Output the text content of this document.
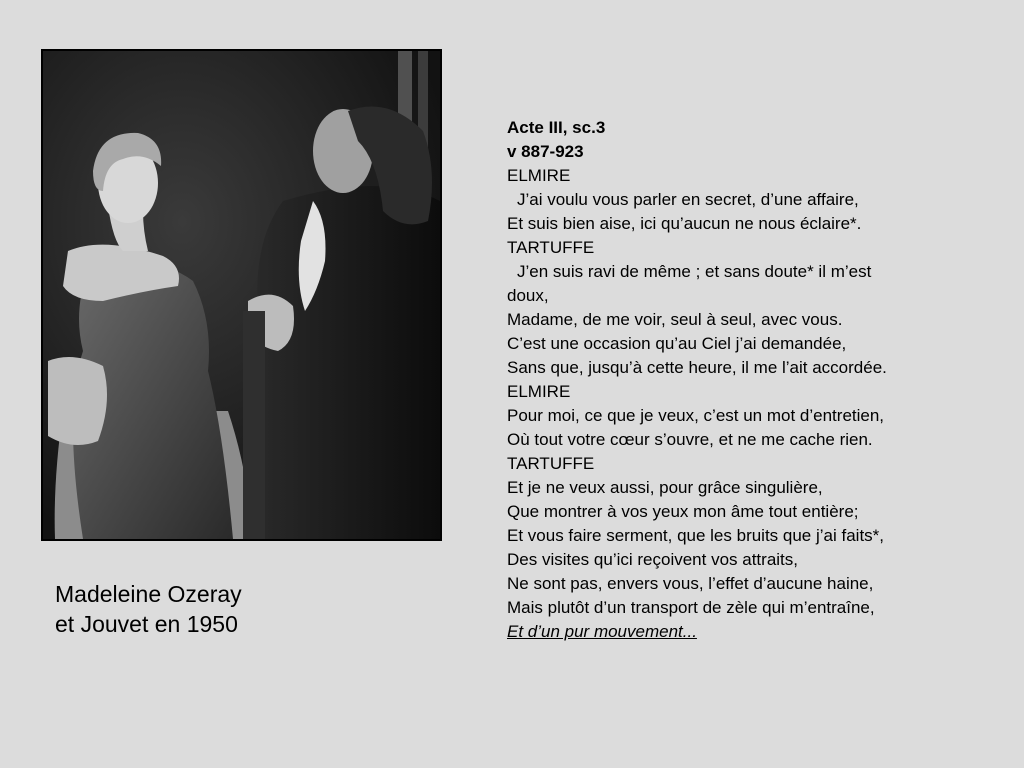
Madeleine Ozeray
et Jouvet en 1950
Acte III, sc.3
v 887-923
ELMIRE
J’ai voulu vous parler en secret, d’une affaire,
Et suis bien aise, ici qu’aucun ne nous éclaire*.
TARTUFFE
J’en suis ravi de même ; et sans doute* il m’est
doux,
Madame, de me voir, seul à seul, avec vous.
C’est une occasion qu’au Ciel j’ai demandée,
Sans que, jusqu’à cette heure, il me l’ait accordée.
ELMIRE
Pour moi, ce que je veux, c’est un mot d’entretien,
Où tout votre cœur s’ouvre, et ne me cache rien.
TARTUFFE
Et je ne veux aussi, pour grâce singulière,
Que montrer à vos yeux mon âme tout entière;
Et vous faire serment, que les bruits que j’ai faits*,
Des visites qu’ici reçoivent vos attraits,
Ne sont pas, envers vous, l’effet d’aucune haine,
Mais plutôt d’un transport de zèle qui m’entraîne,
Et d’un pur mouvement...
